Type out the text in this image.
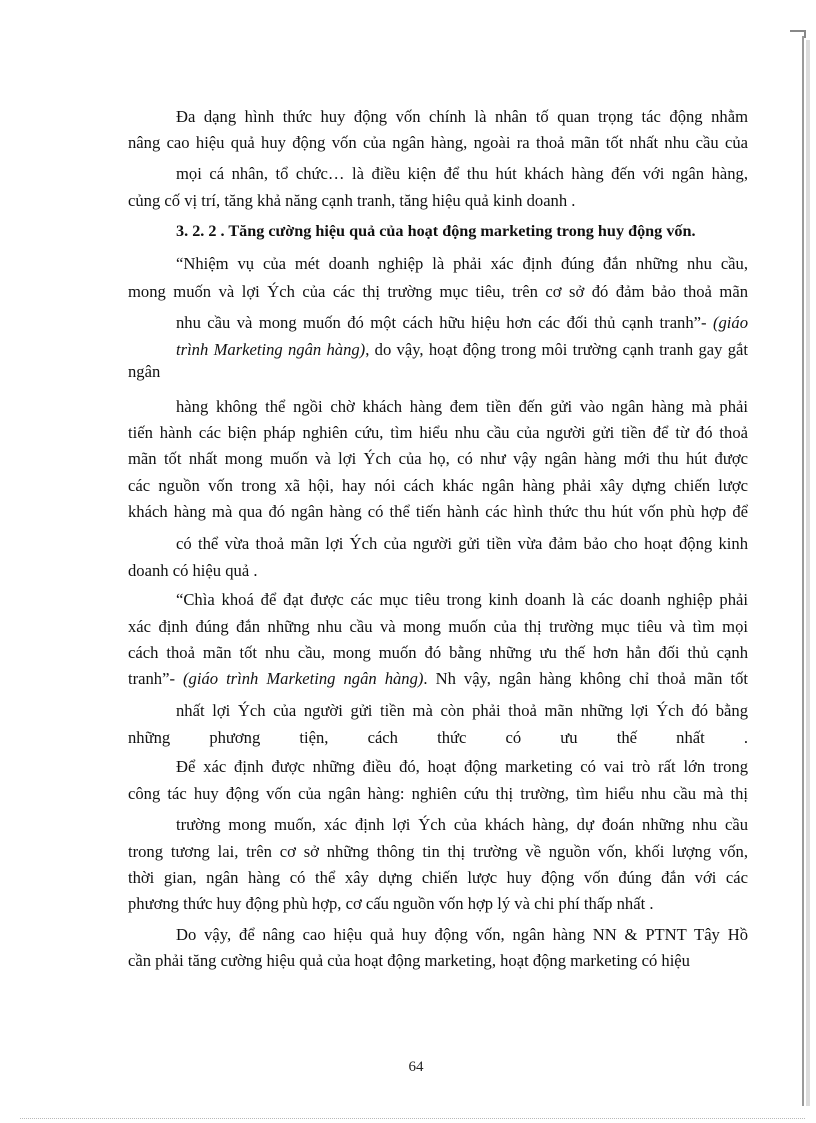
Đa dạng hình thức huy động vốn chính là nhân tố quan trọng tác động nhằm

nâng cao hiệu quả huy động vốn của ngân hàng, ngoài ra thoả mãn tốt nhất nhu cầu của

mọi cá nhân, tổ chức… là điều kiện để thu hút khách hàng đến với ngân hàng,

củng cố vị trí, tăng khả năng cạnh tranh, tăng hiệu quả kinh doanh .

3. 2. 2 . Tăng cường hiệu quả của hoạt động marketing trong huy động vốn.

“Nhiệm vụ của mét doanh nghiệp là phải xác định đúng đắn những nhu cầu,

mong muốn và lợi Ých của các thị trường mục tiêu, trên cơ sở đó đảm bảo thoả mãn

nhu cầu và mong muốn đó một cách hữu hiệu hơn các đối thủ cạnh tranh”- (giáo

trình Marketing ngân hàng), do vậy, hoạt động trong môi trường cạnh tranh gay gắt

ngân

hàng không thể ngồi chờ khách hàng đem tiền đến gửi vào ngân hàng mà phải

tiến hành các biện pháp nghiên cứu, tìm hiểu nhu cầu của người gửi tiền để từ đó thoả

mãn tốt nhất mong muốn và lợi Ých của họ, có như vậy ngân hàng mới thu hút được

các nguồn vốn trong xã hội, hay nói cách khác ngân hàng phải xây dựng chiến lược

khách hàng mà qua đó ngân hàng có thể tiến hành các hình thức thu hút vốn phù hợp để

có thể vừa thoả mãn lợi Ých của người gửi tiền vừa đảm bảo cho hoạt động kinh

doanh có hiệu quả .

“Chìa khoá để đạt được các mục tiêu trong kinh doanh là các doanh nghiệp phải

xác định đúng đắn những nhu cầu và mong muốn của thị trường mục tiêu và tìm mọi

cách thoả mãn tốt nhu cầu, mong muốn đó bằng những ưu thế hơn hẳn đối thủ cạnh

tranh”- (giáo trình Marketing ngân hàng). Nh vậy, ngân hàng không chỉ thoả mãn tốt

nhất lợi Ých của người gửi tiền mà còn phải thoả mãn những lợi Ých đó bằng

những phương tiện, cách thức có ưu thế nhất .

Để xác định được những điều đó, hoạt động marketing có vai trò rất lớn trong

công tác huy động vốn của ngân hàng: nghiên cứu thị trường, tìm hiểu nhu cầu mà thị

trường mong muốn, xác định lợi Ých của khách hàng, dự đoán những nhu cầu

trong tương lai, trên cơ sở những thông tin thị trường về nguồn vốn, khối lượng vốn,

thời gian, ngân hàng có thể xây dựng chiến lược huy động vốn đúng đắn với các

phương thức huy động phù hợp, cơ cấu nguồn vốn hợp lý và chi phí thấp nhất .

Do vậy, để nâng cao hiệu quả huy động vốn, ngân hàng NN & PTNT Tây Hồ

cần phải tăng cường hiệu quả của hoạt động marketing, hoạt động marketing có hiệu

64
